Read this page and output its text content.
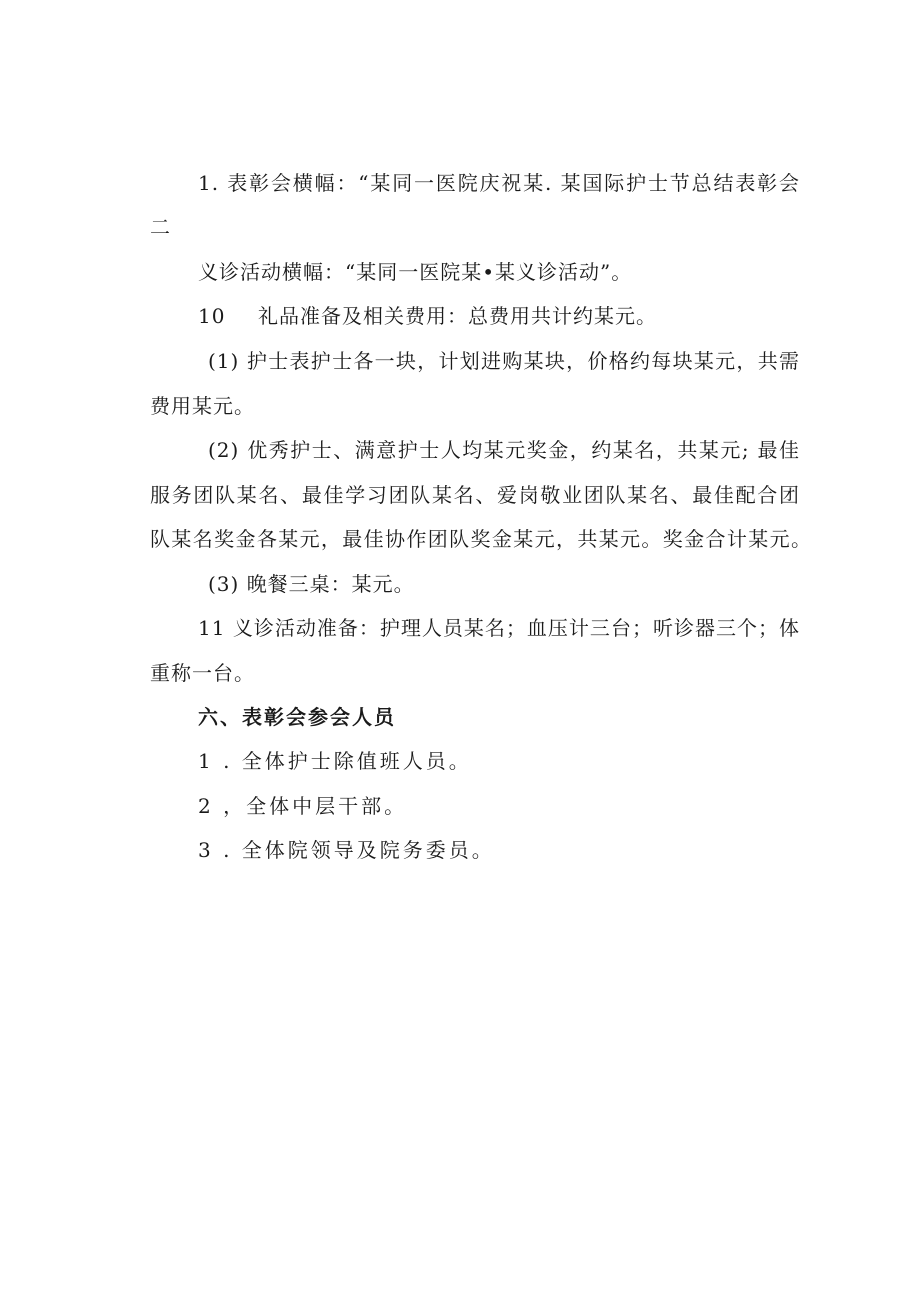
1. 表彰会横幅：“某同一医院庆祝某. 某国际护士节总结表彰会
二
义诊活动横幅：“某同一医院某•某义诊活动”。
10 礼品准备及相关费用：总费用共计约某元。
(1) 护士表护士各一块，计划进购某块，价格约每块某元，共需
费用某元。
(2) 优秀护士、满意护士人均某元奖金，约某名，共某元; 最佳
服务团队某名、最佳学习团队某名、爱岗敬业团队某名、最佳配合团
队某名奖金各某元，最佳协作团队奖金某元，共某元。奖金合计某元。
(3) 晚餐三桌：某元。
11 义诊活动准备：护理人员某名；血压计三台；听诊器三个；体
重称一台。
六、表彰会参会人员
1 . 全体护士除值班人员。
2 ，全体中层干部。
3 . 全体院领导及院务委员。
